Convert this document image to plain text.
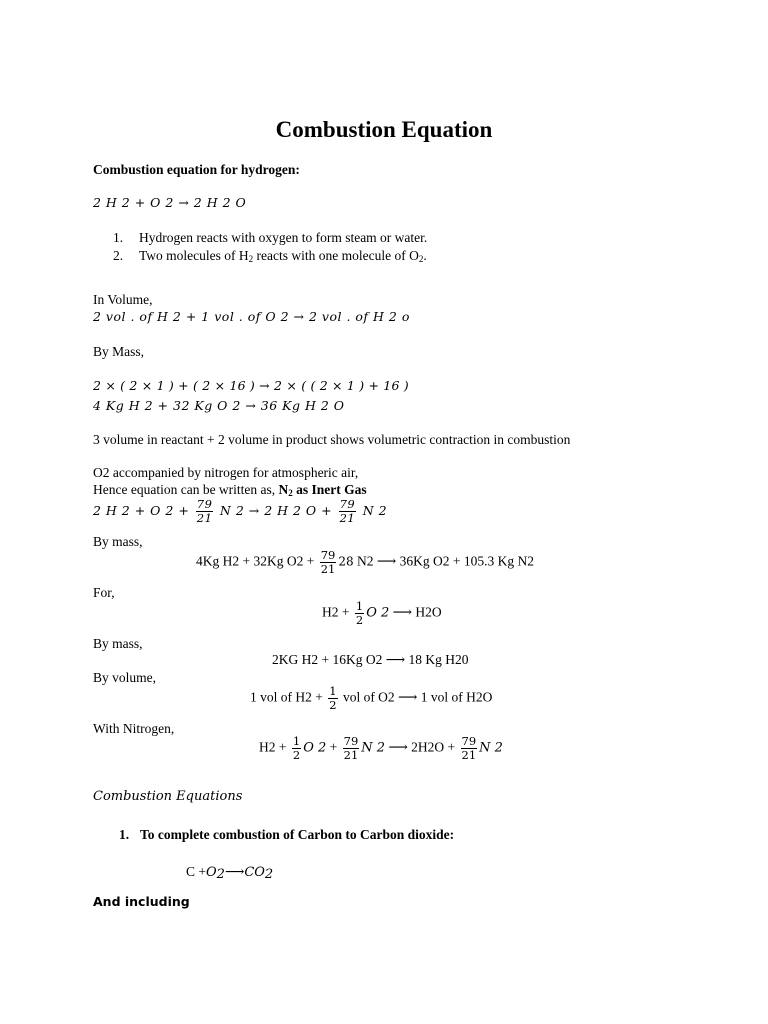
Combustion Equation
Combustion equation for hydrogen:
2 H 2 + O 2 → 2 H 2 O
1. Hydrogen reacts with oxygen to form steam or water.
2. Two molecules of $H_2$ reacts with one molecule of $O_2$.
In Volume,
2 vol . of H 2 + 1 vol . of O 2 → 2 vol . of H 2 o
By Mass,
2 × ( 2 × 1 ) + ( 2 × 16 ) → 2 × ( ( 2 × 1 ) + 16 )
4 Kg H 2 + 32 Kg O 2 → 36 Kg H 2 O
3 volume in reactant + 2 volume in product shows volumetric contraction in combustion
O2 accompanied by nitrogen for atmospheric air,
Hence equation can be written as, $N_2$ as Inert Gas
2 H 2 + O $2 + \frac{79}{21}$ N 2 → 2 H 2 $O + \frac{79}{21}$ N 2
By mass,
4Kg H2 + 32Kg $O2 + \frac{79}{21} 28$ N2 ⟶ 36Kg O2 + 105.3 Kg N2
For,
$H2 + \frac{1}{2}$ O 2 ⟶ H2O
By mass,
2KG H2 + 16Kg O2 ⟶ 18 Kg H20
By volume,
1 vol of $H2 + \frac{1}{2}$ vol of O2 ⟶ 1 vol of H2O
With Nitrogen,
$H2 + \frac{1}{2}$ O $2 + \frac{79}{21}$ N 2 ⟶ $2H2O + \frac{79}{21}$ N 2
Combustion Equations
1. To complete combustion of Carbon to Carbon dioxide:
$C +O_2⟶CO_2$
And including
